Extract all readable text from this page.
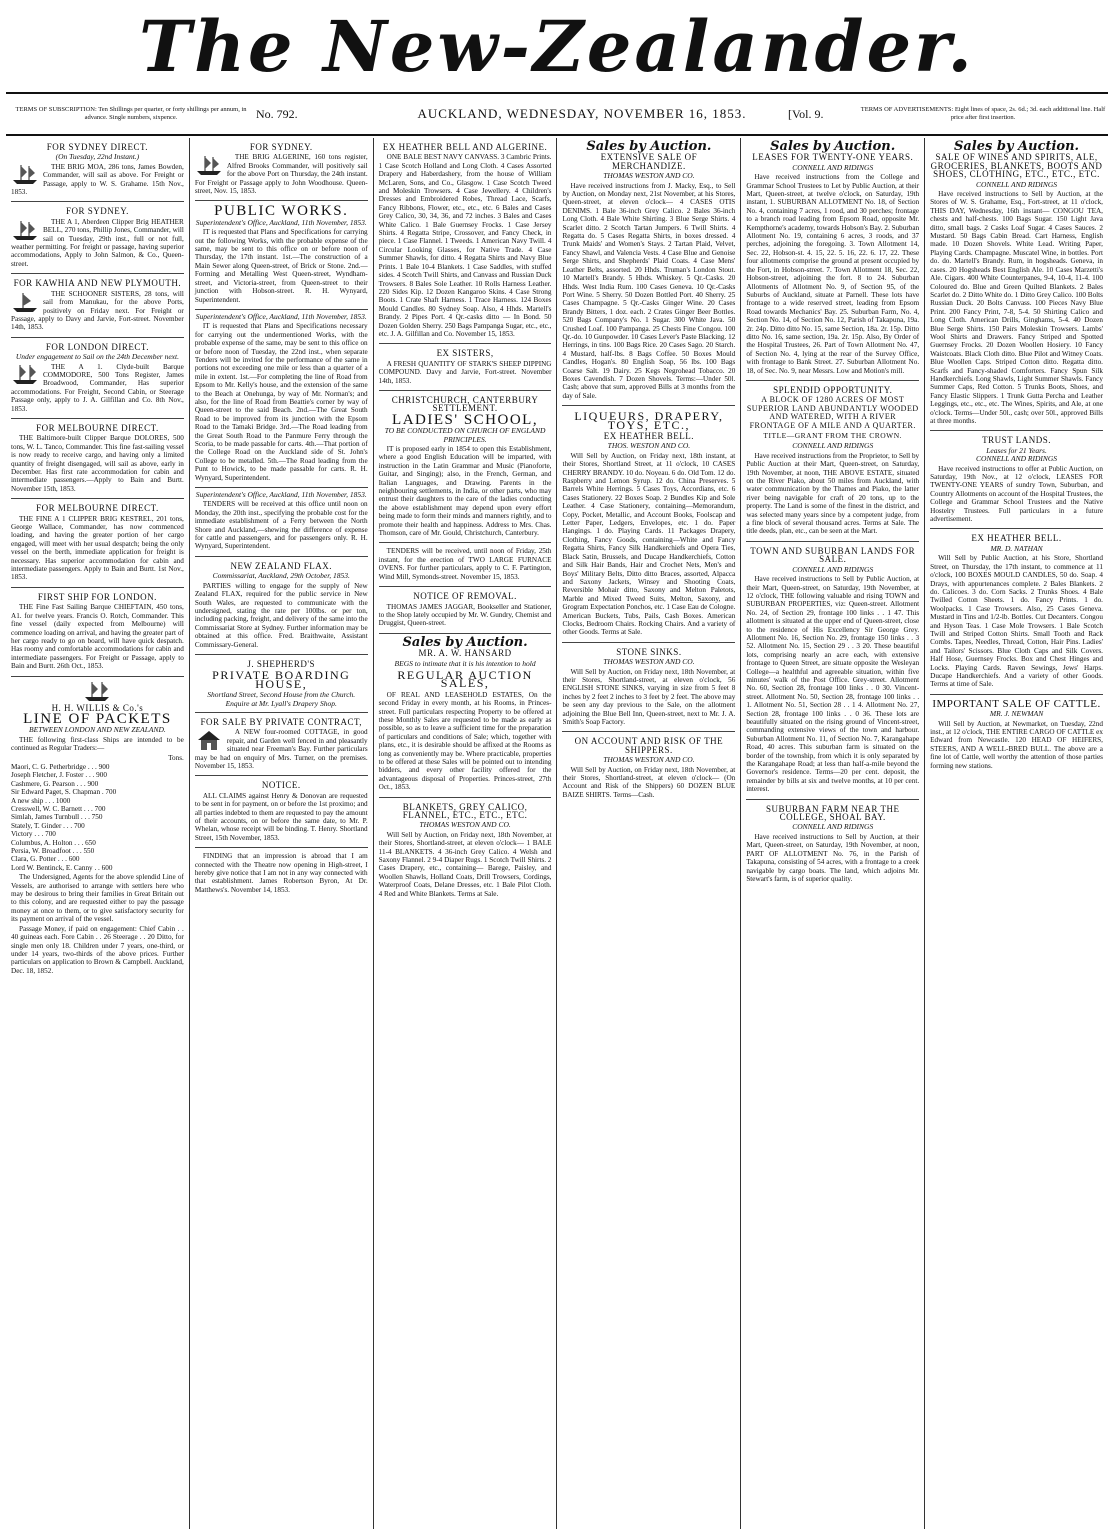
The New-Zealander.
TERMS OF SUBSCRIPTION: Ten Shillings per quarter, or forty shillings per annum, in advance. Single numbers, sixpence.	No. 792.	AUCKLAND, WEDNESDAY, NOVEMBER 16, 1853.	[Vol. 9.	TERMS OF ADVERTISEMENTS: Eight lines of space, 2s. 6d.; 3d. each additional line. Half price after first insertion.
FOR SYDNEY DIRECT.
(On Tuesday, 22nd Instant.)

THE BRIG MOA, 286 tons, James Bowden, Commander, will sail as above. For Freight or Passage, apply to W. S. Grahame. 15th Nov., 1853.

FOR SYDNEY.

THE A 1, Aberdeen Clipper Brig HEATHER BELL, 270 tons, Phillip Jones, Commander, will sail on Tuesday, 29th inst., full or not full, weather permitting. For freight or passage, having superior accommodations, Apply to John Salmon, & Co., Queen-street.

FOR KAWHIA AND NEW PLYMOUTH.

THE SCHOONER SISTERS, 28 tons, will sail from Manukau, for the above Ports, positively on Friday next. For Freight or Passage, apply to Davy and Jarvie, Fort-street. November 14th, 1853.

FOR LONDON DIRECT.
Under engagement to Sail on the 24th December next.

THE A 1. Clyde-built Barque COMMODORE, 500 Tons Register, James Broadwood, Commander, Has superior accommodations. For Freight, Second Cabin, or Steerage Passage only, apply to J. A. Gilfillan and Co. 8th Nov., 1853.

FOR MELBOURNE DIRECT.

THE Baltimore-built Clipper Barque DOLORES, 500 tons, W. L. Tanco, Commander. This fine fast-sailing vessel is now ready to receive cargo, and having only a limited quantity of freight disengaged, will sail as above, early in December. Has first rate accommodation for cabin and intermediate passengers.—Apply to Bain and Burtt. November 15th, 1853.

FOR MELBOURNE DIRECT.

THE FINE A 1 CLIPPER BRIG KESTREL, 201 tons, George Wallace, Commander, has now commenced loading, and having the greater portion of her cargo engaged, will meet with her usual despatch; being the only vessel on the berth, immediate application for freight is necessary. Has superior accommodation for cabin and intermediate passengers. Apply to Bain and Burtt. 1st Nov., 1853.

FIRST SHIP FOR LONDON.

THE Fine Fast Sailing Barque CHIEFTAIN, 450 tons, A1. for twelve years. Francis O. Rotch, Commander. This fine vessel (daily expected from Melbourne) will commence loading on arrival, and having the greater part of her cargo ready to go on board, will have quick despatch. Has roomy and comfortable accommodations for cabin and intermediate passengers. For Freight or Passage, apply to Bain and Burtt. 26th Oct., 1853.

H. H. WILLIS & Co.'s
LINE OF PACKETS
BETWEEN LONDON AND NEW ZEALAND.

THE following first-class Ships are intended to be continued as Regular Traders:—

Tons.
Maori, C. G. Petherbridge . . . 900
Joseph Fletcher, J. Foster . . . 900
Cashmere, G. Pearson . . . 900
Sir Edward Paget, S. Chapman . 700
A new ship . . . 1000
Cresswell, W. C. Barnett . . . 700
Simlah, James Turnbull . . . 750
Stately, T. Ginder . . . 700
Victory . . . 700
Columbus, A. Holton . . . 650
Persia, W. Broadfoot . . . 550
Clara, G. Potter . . . 600
Lord W. Bentinck, E. Canny . . 600

The Undersigned, Agents for the above splendid Line of Vessels, are authorised to arrange with settlers here who may be desirous to bring their families in Great Britain out to this colony, and are requested either to pay the passage money at once to them, or to give satisfactory security for its payment on arrival of the vessel.

Passage Money, if paid on engagement: Chief Cabin . . 40 guineas each. Fore Cabin . . 26 Steerage . . 20 Ditto, for single men only 18. Children under 7 years, one-third, or under 14 years, two-thirds of the above prices. Further particulars on application to Brown & Campbell. Auckland, Dec. 18, 1852.

FOR SYDNEY.

THE BRIG ALGERINE, 160 tons register, Alfred Brooks Commander, will positively sail for the above Port on Thursday, the 24th instant. For Freight or Passage apply to John Woodhouse. Queen-street, Nov. 15, 1853.

PUBLIC WORKS.
Superintendent's Office, Auckland, 11th November, 1853.

IT is requested that Plans and Specifications for carrying out the following Works, with the probable expense of the same, may be sent to this office on or before noon of Thursday, the 17th instant. 1st.—The construction of a Main Sewer along Queen-street, of Brick or Stone. 2nd.—Forming and Metalling West Queen-street, Wyndham-street, and Victoria-street, from Queen-street to their junction with Hobson-street. R. H. Wynyard, Superintendent.

Superintendent's Office, Auckland, 11th November, 1853.

IT is requested that Plans and Specifications necessary for carrying out the undermentioned Works, with the probable expense of the same, may be sent to this office on or before noon of Tuesday, the 22nd inst., when separate Tenders will be invited for the performance of the same in portions not exceeding one mile or less than a quarter of a mile in extent. 1st.—For completing the line of Road from Epsom to Mr. Kelly's house, and the extension of the same to the Beach at Onehunga, by way of Mr. Norman's; and also, for the line of Road from Beattie's corner by way of Queen-street to the said Beach. 2nd.—The Great South Road to be improved from its junction with the Epsom Road to the Tamaki Bridge. 3rd.—The Road leading from the Great South Road to the Panmure Ferry through the Scoria, to be made passable for carts. 4th.—That portion of the College Road on the Auckland side of St. John's College to be metalled. 5th.—The Road leading from the Punt to Howick, to be made passable for carts. R. H. Wynyard, Superintendent.

Superintendent's Office, Auckland, 11th November, 1853.

TENDERS will be received at this office until noon on Monday, the 20th inst., specifying the probable cost for the immediate establishment of a Ferry between the North Shore and Auckland,—shewing the difference of expense for cattle and passengers, and for passengers only. R. H. Wynyard, Superintendent.

NEW ZEALAND FLAX.
Commissariat, Auckland, 29th October, 1853.

PARTIES willing to engage for the supply of New Zealand FLAX, required for the public service in New South Wales, are requested to communicate with the undersigned, stating the rate per 100lbs. or per ton, including packing, freight, and delivery of the same into the Commissariat Store at Sydney. Further information may be obtained at this office. Fred. Braithwaite, Assistant Commissary-General.

J. SHEPHERD'S
PRIVATE BOARDING HOUSE,
Shortland Street, Second House from the Church.
Enquire at Mr. Lyall's Drapery Shop.
FOR SALE BY PRIVATE CONTRACT,

A NEW four-roomed COTTAGE, in good repair, and Garden well fenced in and pleasantly situated near Freeman's Bay. Further particulars may be had on enquiry of Mrs. Turner, on the premises. November 15, 1853.

NOTICE.

ALL CLAIMS against Henry & Donovan are requested to be sent in for payment, on or before the 1st proximo; and all parties indebted to them are requested to pay the amount of their accounts, on or before the same date, to Mr. P. Whelan, whose receipt will be binding. T. Henry. Shortland Street, 15th November, 1853.

FINDING that an impression is abroad that I am connected with the Theatre now opening in High-street, I hereby give notice that I am not in any way connected with that establishment. James Robertson Byron, At Dr. Matthews's. November 14, 1853.

EX HEATHER BELL AND ALGERINE.

ONE BALE BEST NAVY CANVASS. 3 Cambric Prints. 1 Case Scotch Holland and Long Cloth. 4 Cases Assorted Drapery and Haberdashery, from the house of William McLaren, Sons, and Co., Glasgow. 1 Case Scotch Tweed and Moleskin Trowsers. 4 Case Jewellery. 4 Children's Dresses and Embroidered Robes, Thread Lace, Scarfs, Fancy Ribbons, Flower, etc., etc., etc. 6 Bales and Cases Grey Calico, 30, 34, 36, and 72 inches. 3 Bales and Cases White Calico. 1 Bale Guernsey Frocks. 1 Case Jersey Shirts. 4 Regatta Stripe, Crossover, and Fancy Check, in piece. 1 Case Flannel. 1 Tweeds. 1 American Navy Twill. 4 Circular Looking Glasses, for Native Trade. 4 Case Summer Shawls, for ditto. 4 Regatta Shirts and Navy Blue Prints. 1 Bale 10-4 Blankets. 1 Case Saddles, with stuffed sides. 4 Scotch Twill Shirts, and Canvass and Russian Duck Trowsers. 8 Bales Sole Leather. 10 Rolls Harness Leather. 220 Sides Kip. 12 Dozen Kangaroo Skins. 4 Case Strong Boots. 1 Crate Shaft Harness. 1 Trace Harness. 124 Boxes Mould Candles. 80 Sydney Soap. Also, 4 Hhds. Martell's Brandy. 2 Pipes Port. 4 Qr.-casks ditto — In Bond. 50 Dozen Golden Sherry. 250 Bags Pampanga Sugar, etc., etc., etc. J. A. Gilfillan and Co. November 15, 1853.

EX SISTERS,

A FRESH QUANTITY OF STARK'S SHEEP DIPPING COMPOUND. Davy and Jarvie, Fort-street. November 14th, 1853.

CHRISTCHURCH, CANTERBURY SETTLEMENT.
LADIES' SCHOOL,
TO BE CONDUCTED ON CHURCH OF ENGLAND PRINCIPLES.

IT is proposed early in 1854 to open this Establishment, where a good English Education will be imparted, with instruction in the Latin Grammar and Music (Pianoforte, Guitar, and Singing); also, in the French, German, and Italian Languages, and Drawing. Parents in the neighbouring settlements, in India, or other parts, who may entrust their daughters to the care of the ladies conducting the above establishment may depend upon every effort being made to form their minds and manners rightly, and to promote their health and happiness. Address to Mrs. Chas. Thomson, care of Mr. Gould, Christchurch, Canterbury.

TENDERS will be received, until noon of Friday, 25th instant, for the erection of TWO LARGE FURNACE OVENS. For further particulars, apply to C. F. Partington, Wind Mill, Symonds-street. November 15, 1853.

NOTICE OF REMOVAL.

THOMAS JAMES JAGGAR, Bookseller and Stationer, to the Shop lately occupied by Mr. W. Gundry, Chemist and Druggist, Queen-street.

Sales by Auction.
MR. A. W. HANSARD
BEGS to intimate that it is his intention to hold
REGULAR AUCTION SALES,

OF REAL AND LEASEHOLD ESTATES, On the second Friday in every month, at his Rooms, in Princes-street. Full particulars respecting Property to be offered at these Monthly Sales are requested to be made as early as possible, so as to leave a sufficient time for the preparation of particulars and conditions of Sale; which, together with plans, etc., it is desirable should be affixed at the Rooms as long as conveniently may be. Where practicable, properties to be offered at these Sales will be pointed out to intending bidders, and every other facility offered for the advantageous disposal of Properties. Princes-street, 27th Oct., 1853.

BLANKETS, GREY CALICO, FLANNEL, ETC., ETC., ETC.
THOMAS WESTON AND CO.

Will Sell by Auction, on Friday next, 18th November, at their Stores, Shortland-street, at eleven o'clock— 1 BALE 11-4 BLANKETS. 4 36-inch Grey Calico. 4 Welsh and Saxony Flannel. 2 9-4 Diaper Rugs. 1 Scotch Twill Shirts. 2 Cases Drapery, etc., containing— Barege, Paisley, and Woollen Shawls, Holland Coats, Drill Trowsers, Cordings, Waterproof Coats, Delane Dresses, etc. 1 Bale Pilot Cloth. 4 Red and White Blankets. Terms at Sale.

Sales by Auction.
EXTENSIVE SALE OF MERCHANDIZE.
THOMAS WESTON AND CO.

Have received instructions from J. Macky, Esq., to Sell by Auction, on Monday next, 21st November, at his Stores, Queen-street, at eleven o'clock— 4 CASES OTIS DENIMS. 1 Bale 36-inch Grey Calico. 2 Bales 36-inch Long Cloth. 4 Bale White Shirting. 3 Blue Serge Shirts. 4 Scarlet ditto. 2 Scotch Tartan Jumpers. 6 Twill Shirts. 4 Regatta do. 5 Cases Regatta Shirts, in boxes dressed. 4 Trunk Maids' and Women's Stays. 2 Tartan Plaid, Velvet, Fancy Shawl, and Valencia Vests. 4 Case Blue and Genoise Serge Shirts, and Shepherds' Plaid Coats. 4 Case Mens' Leather Belts, assorted. 20 Hhds. Truman's London Stout. 10 Martell's Brandy. 5 Hhds. Whiskey. 5 Qr.-Casks. 20 Hhds. West India Rum. 100 Cases Geneva. 10 Qr.-Casks Port Wine. 5 Sherry. 50 Dozen Bottled Port. 40 Sherry. 25 Cases Champagne. 5 Qr.-Casks Ginger Wine. 20 Cases Brandy Bitters, 1 doz. each. 2 Crates Ginger Beer Bottles. 520 Bags Company's No. 1 Sugar. 300 White Java. 50 Crushed Loaf. 100 Pampanga. 25 Chests Fine Congou. 100 Qr.-do. 10 Gunpowder. 10 Cases Lever's Paste Blacking. 12 Herrings, in tins. 100 Bags Rice. 20 Cases Sago. 20 Starch. 4 Mustard, half-lbs. 8 Bags Coffee. 50 Boxes Mould Candles, Hogan's. 80 English Soap, 56 lbs. 100 Bags Coarse Salt. 19 Dairy. 25 Kegs Negrohead Tobacco. 20 Boxes Cavendish. 7 Dozen Shovels. Terms:—Under 50l. Cash; above that sum, approved Bills at 3 months from the day of Sale.

LIQUEURS, DRAPERY, TOYS, ETC.,
EX HEATHER BELL.
THOS. WESTON AND CO.

Will Sell by Auction, on Friday next, 18th instant, at their Stores, Shortland Street, at 11 o'clock, 10 CASES CHERRY BRANDY. 10 do. Noyeau. 6 do. Old Tom. 12 do. Raspberry and Lemon Syrup. 12 do. China Preserves. 5 Barrels White Herrings. 5 Cases Toys, Accordians, etc. 6 Cases Stationery. 22 Boxes Soap. 2 Bundles Kip and Sole Leather. 4 Case Stationery, containing—Memorandum, Copy, Pocket, Metallic, and Account Books, Foolscap and Letter Paper, Ledgers, Envelopes, etc. 1 do. Paper Hangings. 1 do. Playing Cards. 11 Packages Drapery, Clothing, Fancy Goods, containing—White and Fancy Regatta Shirts, Fancy Silk Handkerchiefs and Opera Ties, Black Satin, Brussels, and Ducape Handkerchiefs, Cotton and Silk Hair Bands, Hair and Crochet Nets, Men's and Boys' Military Belts, Ditto ditto Braces, assorted, Alpacca and Saxony Jackets, Winsey and Shooting Coats, Reversible Mohair ditto, Saxony and Melton Paletots, Marble and Mixed Tweed Suits, Melton, Saxony, and Grogram Expectation Ponchos, etc. 1 Case Eau de Cologne. American Buckets, Tubs, Pails, Cash Boxes. American Clocks, Bedroom Chairs. Rocking Chairs. And a variety of other Goods. Terms at Sale.

STONE SINKS.
THOMAS WESTON AND CO.

Will Sell by Auction, on Friday next, 18th November, at their Stores, Shortland-street, at eleven o'clock, 56 ENGLISH STONE SINKS, varying in size from 5 feet 8 inches by 2 feet 2 inches to 3 feet by 2 feet. The above may be seen any day previous to the Sale, on the allotment adjoining the Blue Bell Inn, Queen-street, next to Mr. J. A. Smith's Soap Factory.

ON ACCOUNT AND RISK OF THE SHIPPERS.
THOMAS WESTON AND CO.

Will Sell by Auction, on Friday next, 18th November, at their Stores, Shortland-street, at eleven o'clock— (On Account and Risk of the Shippers) 60 DOZEN BLUE BAIZE SHIRTS. Terms—Cash.

Sales by Auction.
LEASES FOR TWENTY-ONE YEARS.
CONNELL AND RIDINGS

Have received instructions from the College and Grammar School Trustees to Let by Public Auction, at their Mart, Queen-street, at twelve o'clock, on Saturday, 19th instant, 1. SUBURBAN ALLOTMENT No. 18, of Section No. 4, containing 7 acres, 1 rood, and 30 perches; frontage to a branch road leading from Epsom Road, opposite Mr. Kempthorne's academy, towards Hobson's Bay. 2. Suburban Allotment No. 19, containing 6 acres, 3 roods, and 37 perches, adjoining the foregoing. 3. Town Allotment 14, Sec. 22, Hobson-st. 4. 15, 22. 5. 16, 22. 6. 17, 22. These four allotments comprise the ground at present occupied by the Fort, in Hobson-street. 7. Town Allotment 18, Sec. 22, Hobson-street, adjoining the fort. 8 to 24. Suburban Allotments of Allotment No. 9, of Section 95, of the Suburbs of Auckland, situate at Parnell. These lots have frontage to a wide reserved street, leading from Epsom Road towards Mechanics' Bay. 25. Suburban Farm, No. 4, Section No. 14, of Section No. 12, Parish of Takapuna, 19a. 2r. 24p. Ditto ditto No. 15, same Section, 18a. 2r. 15p. Ditto ditto No. 16, same section, 19a. 2r. 15p. Also, By Order of the Hospital Trustees, 26. Part of Town Allotment No. 47, of Section No. 4, lying at the rear of the Survey Office, with frontage to Bank Street. 27. Suburban Allotment No. 18, of Sec. No. 9, near Messrs. Low and Motion's mill.

SPLENDID OPPORTUNITY.
A BLOCK OF 1280 ACRES OF MOST SUPERIOR LAND ABUNDANTLY WOODED AND WATERED, WITH A RIVER FRONTAGE OF A MILE AND A QUARTER.
TITLE—GRANT FROM THE CROWN.
CONNELL AND RIDINGS

Have received instructions from the Proprietor, to Sell by Public Auction at their Mart, Queen-street, on Saturday, 19th November, at noon, THE ABOVE ESTATE, situated on the River Piako, about 50 miles from Auckland, with water communication by the Thames and Piako, the latter river being navigable for craft of 20 tons, up to the property. The Land is some of the finest in the district, and was selected many years since by a competent judge, from a fine block of several thousand acres. Terms at Sale. The title deeds, plan, etc., can be seen at the Mart.

TOWN AND SUBURBAN LANDS FOR SALE.
CONNELL AND RIDINGS

Have received instructions to Sell by Public Auction, at their Mart, Queen-street, on Saturday, 19th November, at 12 o'clock, THE following valuable and rising TOWN and SUBURBAN PROPERTIES, viz: Queen-street. Allotment No. 24, of Section 29, frontage 100 links . . 1 47. This allotment is situated at the upper end of Queen-street, close to the residence of His Excellency Sir George Grey. Allotment No. 16, Section No. 29, frontage 150 links . . 3 52. Allotment No. 15, Section 29 . . 3 20. These beautiful lots, comprising nearly an acre each, with extensive frontage to Queen Street, are situate opposite the Wesleyan College—a healthful and agreeable situation, within five minutes' walk of the Post Office. Grey-street. Allotment No. 60, Section 28, frontage 100 links . . 0 30. Vincent-street. Allotment No. 50, Section 28, frontage 100 links . . 1. Allotment No. 51, Section 28 . . 1 4. Allotment No. 27, Section 28, frontage 100 links . . 0 36. These lots are beautifully situated on the rising ground of Vincent-street, commanding extensive views of the town and harbour. Suburban Allotment No. 11, of Section No. 7, Karangahape Road, 40 acres. This suburban farm is situated on the border of the township, from which it is only separated by the Karangahape Road; at less than half-a-mile beyond the Governor's residence. Terms—20 per cent. deposit, the remainder by bills at six and twelve months, at 10 per cent. interest.

SUBURBAN FARM NEAR THE COLLEGE, SHOAL BAY.
CONNELL AND RIDINGS

Have received instructions to Sell by Auction, at their Mart, Queen-street, on Saturday, 19th November, at noon, PART OF ALLOTMENT No. 76, in the Parish of Takapuna, consisting of 54 acres, with a frontage to a creek navigable by cargo boats. The land, which adjoins Mr. Stewart's farm, is of superior quality.

Sales by Auction.
SALE OF WINES AND SPIRITS, ALE, GROCERIES, BLANKETS, BOOTS AND SHOES, CLOTHING, ETC., ETC., ETC.
CONNELL AND RIDINGS

Have received instructions to Sell by Auction, at the Stores of W. S. Grahame, Esq., Fort-street, at 11 o'clock, THIS DAY, Wednesday, 16th instant— CONGOU TEA, chests and half-chests. 100 Bags Sugar. 150 Light Java ditto, small bags. 2 Casks Loaf Sugar. 4 Cases Sauces. 2 Mustard. 50 Bags Cabin Bread. Cart Harness, English made. 10 Dozen Shovels. White Lead. Writing Paper, Playing Cards. Champagne. Muscatel Wine, in bottles. Port do. do. Martell's Brandy. Rum, in hogsheads. Geneva, in cases. 20 Hogsheads Best English Ale. 10 Cases Marzetti's Ale. Cigars. 400 White Counterpanes, 9-4, 10-4, 11-4. 100 Coloured do. Blue and Green Quilted Blankets. 2 Bales Scarlet do. 2 Ditto White do. 1 Ditto Grey Calico. 100 Bolts Russian Duck. 20 Bolts Canvass. 100 Pieces Navy Blue Print. 200 Fancy Print, 7-8, 5-4. 50 Shirting Calico and Long Cloth. American Drills, Ginghams, 5-4. 40 Dozen Blue Serge Shirts. 150 Pairs Moleskin Trowsers. Lambs' Wool Shirts and Drawers. Fancy Striped and Spotted Guernsey Frocks. 20 Dozen Woollen Hosiery. 10 Fancy Waistcoats. Black Cloth ditto. Blue Pilot and Witney Coats. Blue Woollen Caps. Striped Cotton ditto. Regatta ditto. Scarfs and Fancy-shaded Comforters. Fancy Spun Silk Handkerchiefs. Long Shawls, Light Summer Shawls. Fancy Summer Caps, Red Cotton. 5 Trunks Boots, Shoes, and Fancy Elastic Slippers. 1 Trunk Gutta Percha and Leather Leggings, etc., etc., etc. The Wines, Spirits, and Ale, at one o'clock. Terms—Under 50l., cash; over 50l., approved Bills at three months.

TRUST LANDS.
Leases for 21 Years.
CONNELL AND RIDINGS

Have received instructions to offer at Public Auction, on Saturday, 19th Nov., at 12 o'clock, LEASES FOR TWENTY-ONE YEARS of sundry Town, Suburban, and Country Allotments on account of the Hospital Trustees, the College and Grammar School Trustees and the Native Hostelry Trustees. Full particulars in a future advertisement.

EX HEATHER BELL.
MR. D. NATHAN

Will Sell by Public Auction, at his Store, Shortland Street, on Thursday, the 17th instant, to commence at 11 o'clock, 100 BOXES MOULD CANDLES, 50 do. Soap. 4 Drays, with appurtenances complete. 2 Bales Blankets. 2 do. Calicoes. 3 do. Corn Sacks. 2 Trunks Shoes. 4 Bale Twilled Cotton Sheets. 1 do. Fancy Prints. 1 do. Woolpacks. 1 Case Trowsers. Also, 25 Cases Geneva. Mustard in Tins and 1/2-lb. Bottles. Cut Decanters. Congou and Hyson Teas. 1 Case Mole Trowsers. 1 Bale Scotch Twill and Striped Cotton Shirts. Small Tooth and Rack Combs. Tapes, Needles, Thread, Cotton, Hair Pins. Ladies' and Tailors' Scissors. Blue Cloth Caps and Silk Covers. Half Hose, Guernsey Frocks. Box and Chest Hinges and Locks. Playing Cards. Raven Sewings, Jews' Harps. Ducape Handkerchiefs. And a variety of other Goods. Terms at time of Sale.

IMPORTANT SALE OF CATTLE.
MR. J. NEWMAN

Will Sell by Auction, at Newmarket, on Tuesday, 22nd inst., at 12 o'clock, THE ENTIRE CARGO OF CATTLE ex Edward from Newcastle. 120 HEAD OF HEIFERS, STEERS, AND A WELL-BRED BULL. The above are a fine lot of Cattle, well worthy the attention of those parties forming new stations.
